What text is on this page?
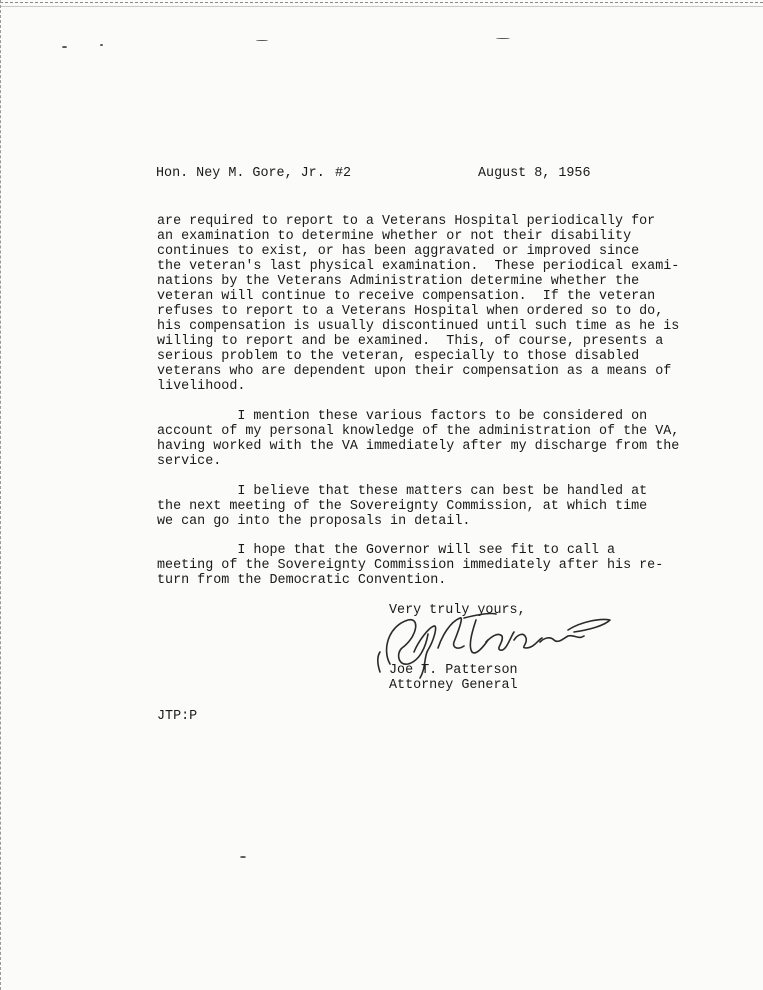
Hon. Ney M. Gore, Jr. #2	August 8, 1956
are required to report to a Veterans Hospital periodically for
an examination to determine whether or not their disability
continues to exist, or has been aggravated or improved since
the veteran's last physical examination.  These periodical exami-
nations by the Veterans Administration determine whether the
veteran will continue to receive compensation.  If the veteran
refuses to report to a Veterans Hospital when ordered so to do,
his compensation is usually discontinued until such time as he is
willing to report and be examined.  This, of course, presents a
serious problem to the veteran, especially to those disabled
veterans who are dependent upon their compensation as a means of
livelihood.
I mention these various factors to be considered on
account of my personal knowledge of the administration of the VA,
having worked with the VA immediately after my discharge from the
service.
I believe that these matters can best be handled at
the next meeting of the Sovereignty Commission, at which time
we can go into the proposals in detail.
I hope that the Governor will see fit to call a
meeting of the Sovereignty Commission immediately after his re-
turn from the Democratic Convention.
Very truly yours,
Joe T. Patterson
Attorney General
JTP:P
